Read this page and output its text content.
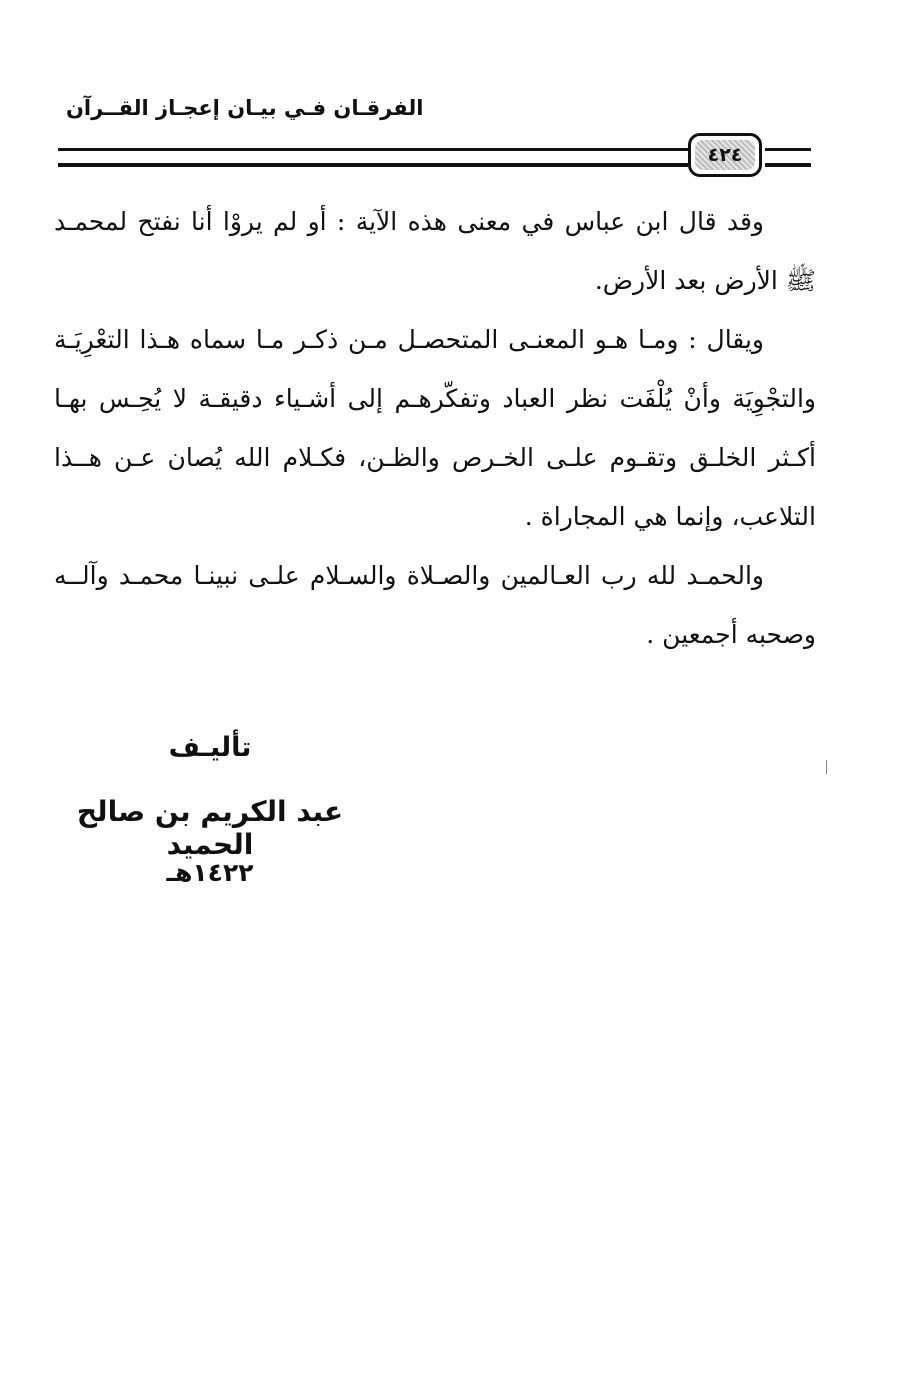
الفرقـان فـي بيـان إعجـاز القــرآن
٤٢٤

وقد قال ابن عباس في معنى هذه الآية : أو لم يروْا أنا نفتح لمحمـد ﷺ الأرض بعد الأرض.

ويقال : ومـا هـو المعنـى المتحصـل مـن ذكـر مـا سماه هـذا التعْرِيَـة والتجْوِيَة وأنْ يُلْفَت نظر العباد وتفكّرهـم إلى أشـياء دقيقـة لا يُحِـس بهـا أكـثر الخلـق وتقـوم علـى الخـرص والظـن، فكـلام الله يُصان عـن هــذا التلاعب، وإنما هي المجاراة .

والحمـد لله رب العـالمين والصـلاة والسـلام علـى نبينـا محمـد وآلــه وصحبه أجمعين .

تأليـف
عبد الكريم بن صالح الحميد
١٤٢٢هـ
